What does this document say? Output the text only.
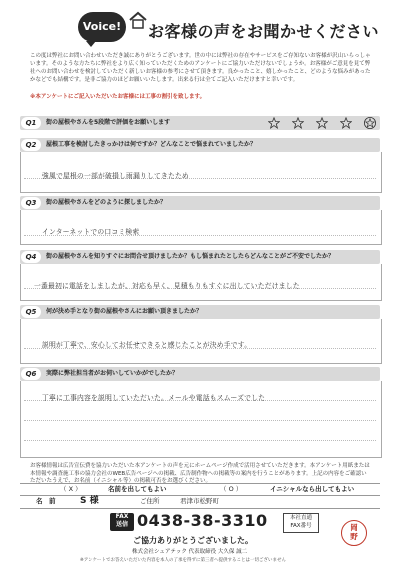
Voice!	お客様の声をお聞かせください
この度は弊社にお問い合わせいただき誠にありがとうございます。世の中には弊社の存在やサービスをご存知ないお客様が沢山いらっしゃいます。そのような方たちに弊社をより広く知っていただくためのアンケートにご協力いただけないでしょうか。お客様がご意見を見て弊社へのお問い合わせを検討していただく新しいお客様の参考にさせて頂きます。良かったこと、嬉しかったこと、どのような悩みがあったかなどでも結構です。是非ご協力のほどお願いいたします。出来る行は全てご記入いただけますと幸いです。
※本アンケートにご記入いただいたお客様には工事の割引を致します。
Q1	街の屋根やさんを5段階で評価をお願いします
Q2	屋根工事を検討したきっかけは何ですか？どんなことで悩まれていましたか？
強風で屋根の一部が破損し雨漏りしてきたため
Q3	街の屋根やさんをどのように探しましたか？
インターネットでの口コミ検索
Q4	街の屋根やさんを知りすぐにお問合せ頂けましたか？もし悩まれたとしたらどんなことがご不安でしたか？
一番最初に電話をしましたが、対応も早く、見積もりもすぐに出していただけました
Q5	何が決め手となり街の屋根やさんにお願い頂きましたか？
説明が丁寧で、安心してお任せできると感じたことが決め手です。
Q6	実際に弊社担当者がお伺いしていかがでしたか？
丁寧に工事内容を説明していただいた。メールや電話もスムーズでした
お客様情報は広告宣伝費を協力いただいた本アンケートの声を元にホームページ作成で活用させていただきます。本アンケート用紙または本情報や調査施工事の協力会社のWEB広告ページへの掲載、広告制作物への掲載等の案内を行うことがあります。上記の内容をご確認いただいたうえで、お名前（イニシャル等）の掲載可否をお選びください。
（ X ）	名前を出してもよい	（ O ）	イニシャルなら出してもよい
名　前	S 様	ご住所	君津市松野町
FAX
送信 0438-38-3310	本社直通
FAX番号
ご協力ありがとうございました。
株式会社シェアテック 代表取締役 大久保 誠二
※アンケートでお答えいただいた内容を本人の了承を得ずに第三者へ提供することは一切ございません
岡
野
